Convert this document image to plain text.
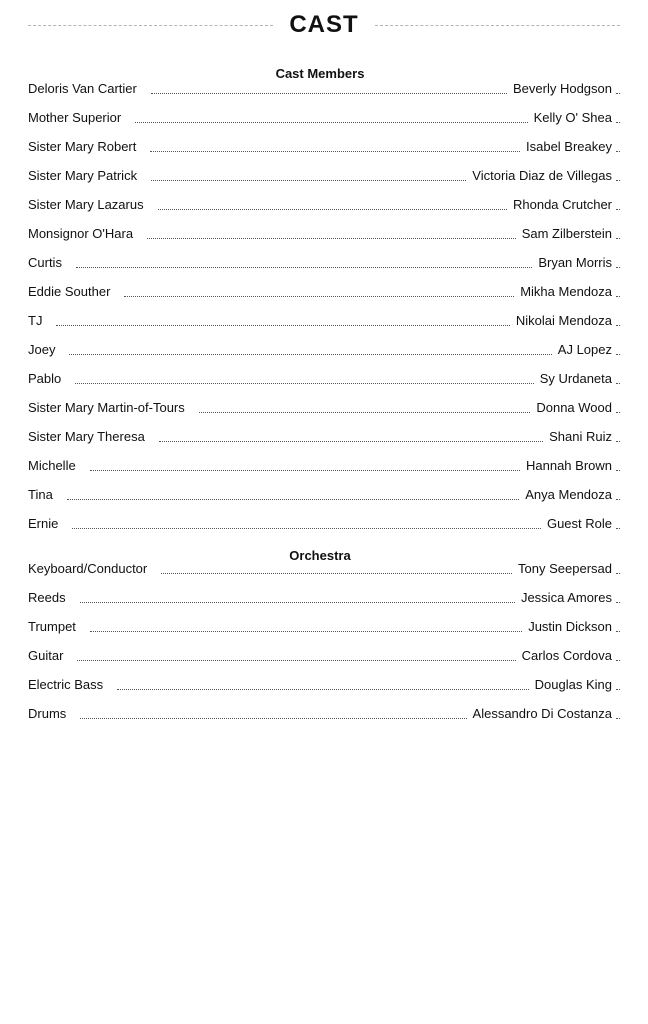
CAST
Cast Members
Deloris Van Cartier	Beverly Hodgson
Mother Superior	Kelly O' Shea
Sister Mary Robert	Isabel Breakey
Sister Mary Patrick	Victoria Diaz de Villegas
Sister Mary Lazarus	Rhonda Crutcher
Monsignor O'Hara	Sam Zilberstein
Curtis	Bryan Morris
Eddie Souther	Mikha Mendoza
TJ	Nikolai Mendoza
Joey	AJ Lopez
Pablo	Sy Urdaneta
Sister Mary Martin-of-Tours	Donna Wood
Sister Mary Theresa	Shani Ruiz
Michelle	Hannah Brown
Tina	Anya Mendoza
Ernie	Guest Role
Orchestra
Keyboard/Conductor	Tony Seepersad
Reeds	Jessica Amores
Trumpet	Justin Dickson
Guitar	Carlos Cordova
Electric Bass	Douglas King
Drums	Alessandro Di Costanza
